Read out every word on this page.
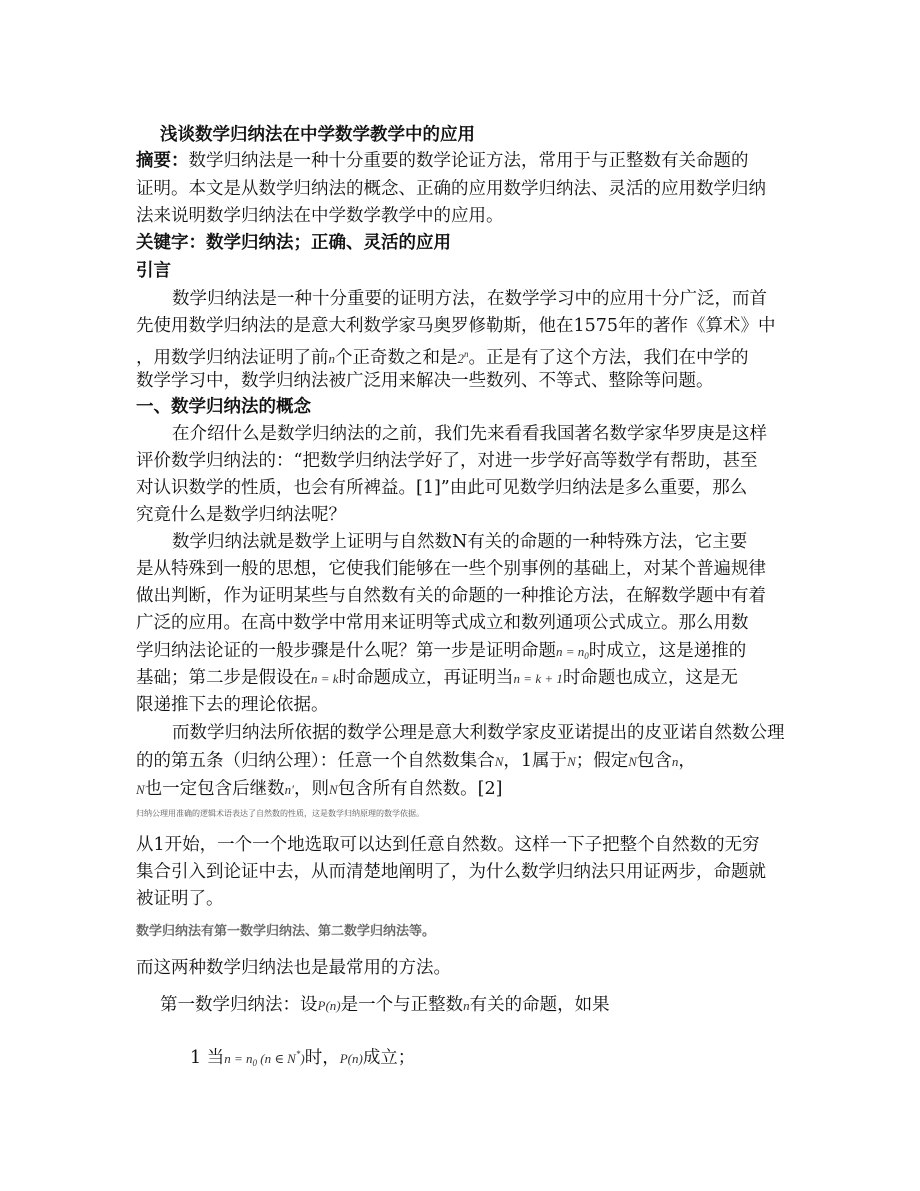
浅谈数学归纳法在中学数学教学中的应用
摘要：数学归纳法是一种十分重要的数学论证方法，常用于与正整数有关命题的
证明。本文是从数学归纳法的概念、正确的应用数学归纳法、灵活的应用数学归纳
法来说明数学归纳法在中学数学教学中的应用。
关键字：数学归纳法；正确、灵活的应用
引言
数学归纳法是一种十分重要的证明方法，在数学学习中的应用十分广泛，而首
先使用数学归纳法的是意大利数学家马奥罗修勒斯，他在1575年的著作《算术》中
，用数学归纳法证明了前n个正奇数之和是2$^n$。正是有了这个方法，我们在中学的
数学学习中，数学归纳法被广泛用来解决一些数列、不等式、整除等问题。
一、数学归纳法的概念
在介绍什么是数学归纳法的之前，我们先来看看我国著名数学家华罗庚是这样
评价数学归纳法的：“把数学归纳法学好了，对进一步学好高等数学有帮助，甚至
对认识数学的性质，也会有所裨益。[1]”由此可见数学归纳法是多么重要，那么
究竟什么是数学归纳法呢？
数学归纳法就是数学上证明与自然数N有关的命题的一种特殊方法，它主要
是从特殊到一般的思想，它使我们能够在一些个别事例的基础上，对某个普遍规律
做出判断，作为证明某些与自然数有关的命题的一种推论方法，在解数学题中有着
广泛的应用。在高中数学中常用来证明等式成立和数列通项公式成立。那么用数
学归纳法论证的一般步骤是什么呢？第一步是证明命题$n = n_0$时成立，这是递推的
基础；第二步是假设在n = k时命题成立，再证明当n = k + 1时命题也成立，这是无
限递推下去的理论依据。
而数学归纳法所依据的数学公理是意大利数学家皮亚诺提出的皮亚诺自然数公理
的的第五条（归纳公理）：任意一个自然数集合N，1属于N；假定N包含n，
N也一定包含后继数n′，则N包含所有自然数。[2]
归纳公理用准确的逻辑术语表达了自然数的性质，这是数学归纳原理的数学依据。
从1开始，一个一个地选取可以达到任意自然数。这样一下子把整个自然数的无穷
集合引入到论证中去，从而清楚地阐明了，为什么数学归纳法只用证两步，命题就
被证明了。
数学归纳法有第一数学归纳法、第二数学归纳法等。
而这两种数学归纳法也是最常用的方法。
第一数学归纳法：设P(n)是一个与正整数n有关的命题，如果
1 当$n = n_0$ (n ∈ N*)时，P(n)成立；
